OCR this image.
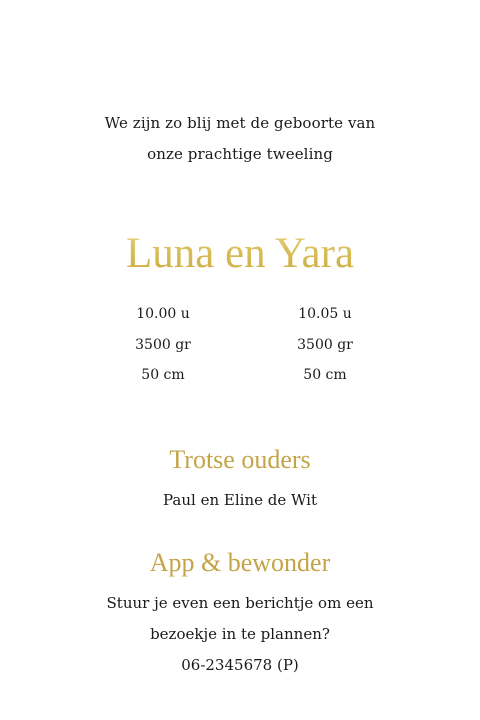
We zijn zo blij met de geboorte van
onze prachtige tweeling
Luna en Yara
10.00 u
3500 gr
50 cm
10.05 u
3500 gr
50 cm
Trotse ouders
Paul en Eline de Wit
App & bewonder
Stuur je even een berichtje om een
bezoekje in te plannen?
06-2345678 (P)
